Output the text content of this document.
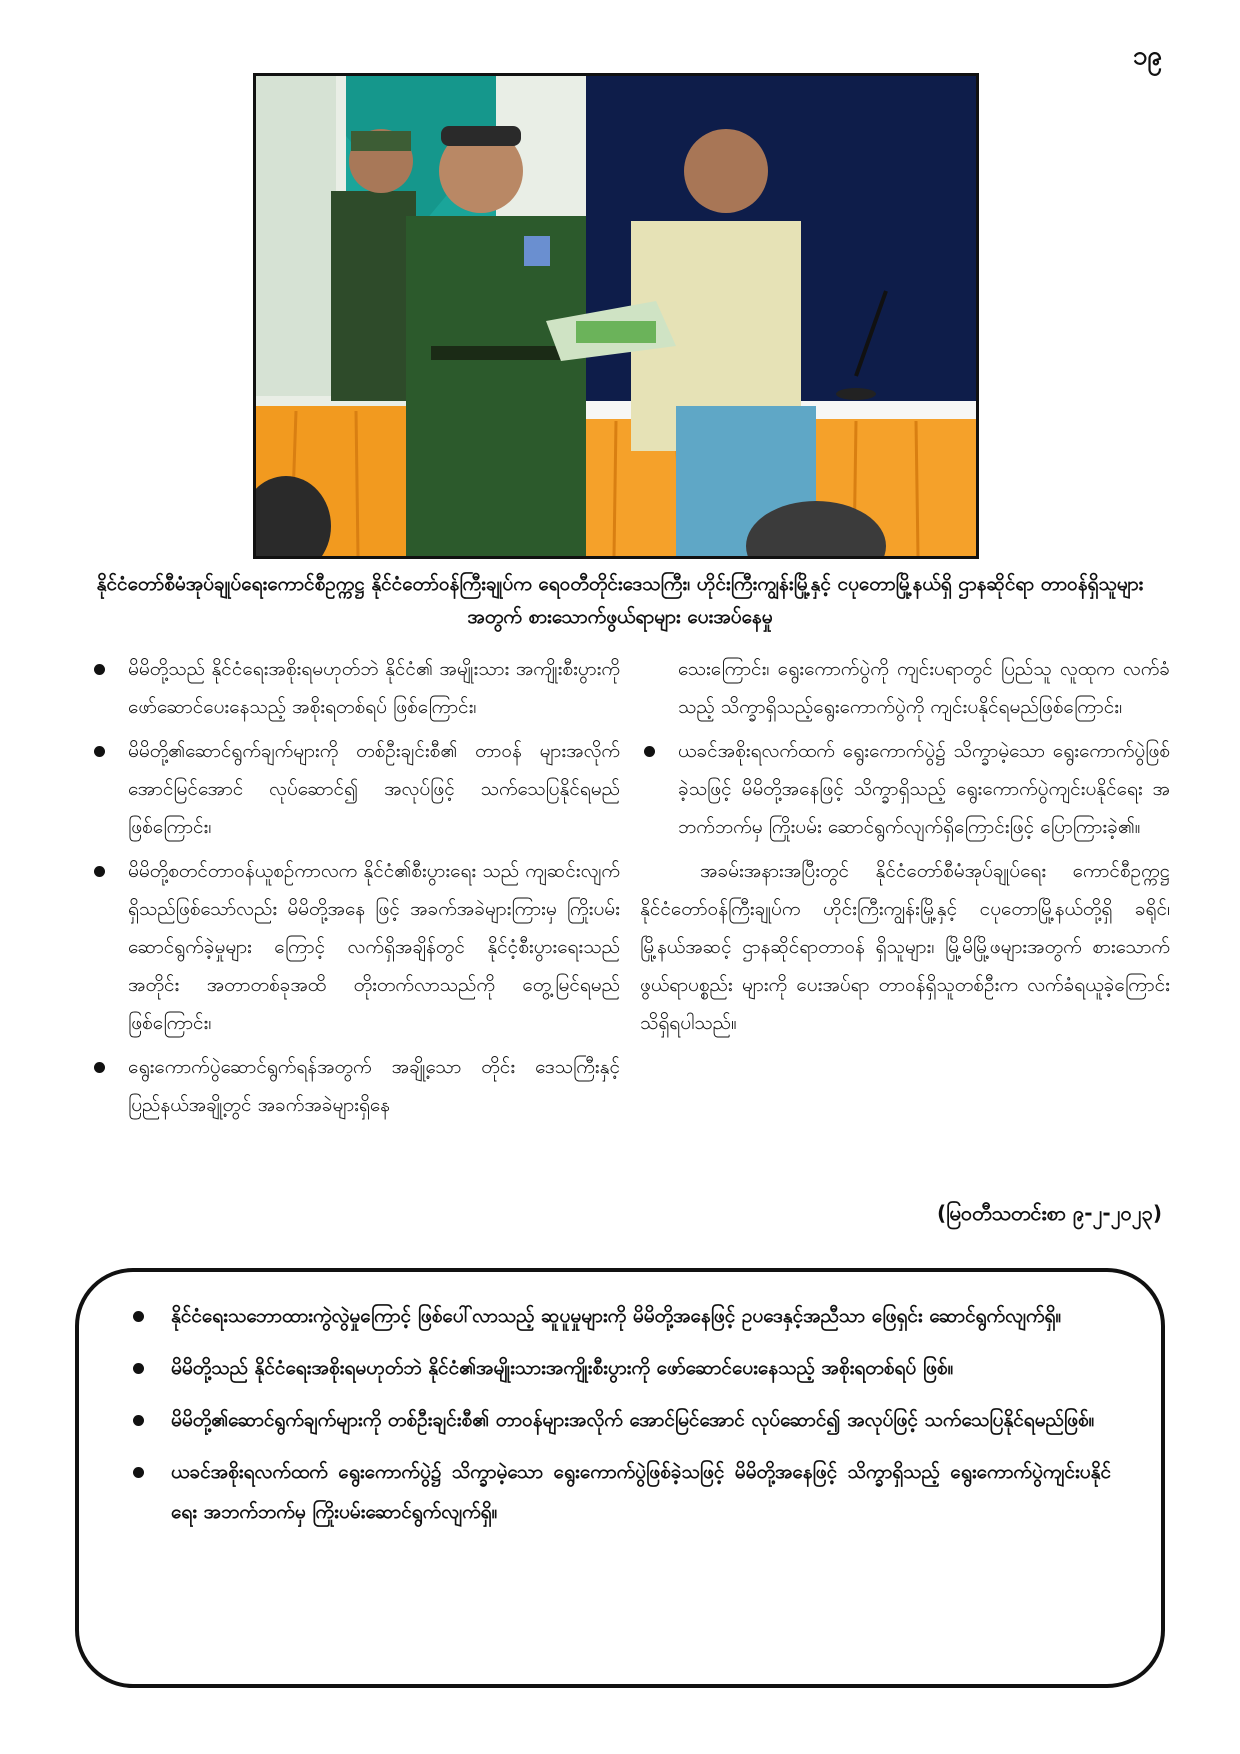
၁၉
နိုင်ငံတော်စီမံအုပ်ချုပ်ရေးကောင်စီဥက္ကဋ္ဌ နိုင်ငံတော်ဝန်ကြီးချုပ်က ရေဝတီတိုင်းဒေသကြီး၊ ဟိုင်းကြီးကျွန်းမြို့နှင့် ငပုတောမြို့နယ်ရှိ ဌာနဆိုင်ရာ တာဝန်ရှိသူများအတွက် စားသောက်ဖွယ်ရာများ ပေးအပ်နေမှု
မိမိတို့သည် နိုင်ငံရေးအစိုးရမဟုတ်ဘဲ နိုင်ငံ၏ အမျိုးသား အကျိုးစီးပွားကို ဖော်ဆောင်ပေးနေသည့် အစိုးရတစ်ရပ် ဖြစ်ကြောင်း၊
မိမိတို့၏ဆောင်ရွက်ချက်များကို တစ်ဦးချင်းစီ၏ တာဝန် များအလိုက် အောင်မြင်အောင် လုပ်ဆောင်၍ အလုပ်ဖြင့် သက်သေပြနိုင်ရမည်ဖြစ်ကြောင်း၊
မိမိတို့စတင်တာဝန်ယူစဉ်ကာလက နိုင်ငံ၏စီးပွားရေး သည် ကျဆင်းလျက်ရှိသည်ဖြစ်သော်လည်း မိမိတို့အနေ ဖြင့် အခက်အခဲများကြားမှ ကြိုးပမ်းဆောင်ရွက်ခဲ့မှုများ ကြောင့် လက်ရှိအချိန်တွင် နိုင်ငံ့စီးပွားရေးသည် အတိုင်း အတာတစ်ခုအထိ တိုးတက်လာသည်ကို တွေ့မြင်ရမည် ဖြစ်ကြောင်း၊
ရွေးကောက်ပွဲဆောင်ရွက်ရန်အတွက် အချို့သော တိုင်း ဒေသကြီးနှင့် ပြည်နယ်အချို့တွင် အခက်အခဲများရှိနေ
သေးကြောင်း၊ ရွေးကောက်ပွဲကို ကျင်းပရာတွင် ပြည်သူ လူထုက လက်ခံသည့် သိက္ခာရှိသည့်ရွေးကောက်ပွဲကို ကျင်းပနိုင်ရမည်ဖြစ်ကြောင်း၊
ယခင်အစိုးရလက်ထက် ရွေးကောက်ပွဲ၌ သိက္ခာမဲ့သော ရွေးကောက်ပွဲဖြစ်ခဲ့သဖြင့် မိမိတို့အနေဖြင့် သိက္ခာရှိသည့် ရွေးကောက်ပွဲကျင်းပနိုင်ရေး အဘက်ဘက်မှ ကြိုးပမ်း ဆောင်ရွက်လျက်ရှိကြောင်းဖြင့် ပြောကြားခဲ့၏။

အခမ်းအနားအပြီးတွင် နိုင်ငံတော်စီမံအုပ်ချုပ်ရေး ကောင်စီဥက္ကဋ္ဌ နိုင်ငံတော်ဝန်ကြီးချုပ်က ဟိုင်းကြီးကျွန်းမြို့နှင့် ငပုတောမြို့နယ်တို့ရှိ ခရိုင်၊ မြို့နယ်အဆင့် ဌာနဆိုင်ရာတာဝန် ရှိသူများ၊ မြို့မိမြို့ဖများအတွက် စားသောက်ဖွယ်ရာပစ္စည်း များကို ပေးအပ်ရာ တာဝန်ရှိသူတစ်ဦးက လက်ခံရယူခဲ့ကြောင်း သိရှိရပါသည်။

(မြဝတီသတင်းစာ ၉-၂-၂၀၂၃)
နိုင်ငံရေးသဘောထားကွဲလွဲမှုကြောင့် ဖြစ်ပေါ်လာသည့် ဆူပူမှုများကို မိမိတို့အနေဖြင့် ဥပဒေနှင့်အညီသာ ဖြေရှင်း ဆောင်ရွက်လျက်ရှိ။
မိမိတို့သည် နိုင်ငံရေးအစိုးရမဟုတ်ဘဲ နိုင်ငံ၏အမျိုးသားအကျိုးစီးပွားကို ဖော်ဆောင်ပေးနေသည့် အစိုးရတစ်ရပ် ဖြစ်။
မိမိတို့၏ဆောင်ရွက်ချက်များကို တစ်ဦးချင်းစီ၏ တာဝန်များအလိုက် အောင်မြင်အောင် လုပ်ဆောင်၍ အလုပ်ဖြင့် သက်သေပြနိုင်ရမည်ဖြစ်။
ယခင်အစိုးရလက်ထက် ရွေးကောက်ပွဲ၌ သိက္ခာမဲ့သော ရွေးကောက်ပွဲဖြစ်ခဲ့သဖြင့် မိမိတို့အနေဖြင့် သိက္ခာရှိသည့် ရွေးကောက်ပွဲကျင်းပနိုင်ရေး အဘက်ဘက်မှ ကြိုးပမ်းဆောင်ရွက်လျက်ရှိ။
